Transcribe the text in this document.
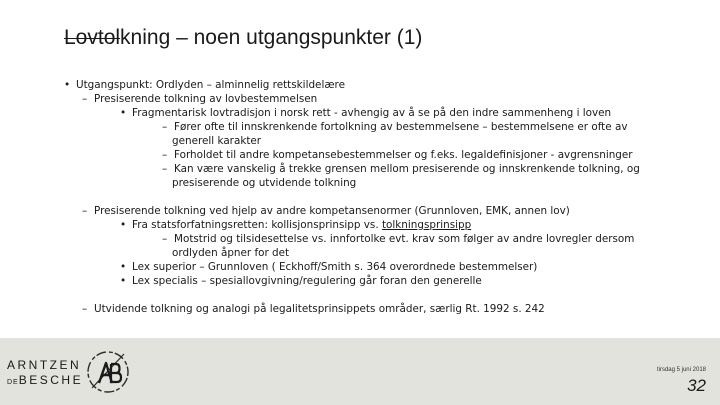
Lovtolkning – noen utgangspunkter (1)
• Utgangspunkt: Ordlyden – alminnelig rettskildelære
– Presiserende tolkning av lovbestemmelsen
• Fragmentarisk lovtradisjon i norsk rett - avhengig av å se på den indre sammenheng i loven
– Fører ofte til innskrenkende fortolkning av bestemmelsene – bestemmelsene er ofte av
generell karakter
– Forholdet til andre kompetansebestemmelser og f.eks. legaldefinisjoner - avgrensninger
– Kan være vanskelig å trekke grensen mellom presiserende og innskrenkende tolkning, og
presiserende og utvidende tolkning
– Presiserende tolkning ved hjelp av andre kompetansenormer (Grunnloven, EMK, annen lov)
• Fra statsforfatningsretten: kollisjonsprinsipp vs. tolkningsprinsipp
– Motstrid og tilsidesettelse vs. innfortolke evt. krav som følger av andre lovregler dersom
ordlyden åpner for det
• Lex superior – Grunnloven ( Eckhoff/Smith s. 364 overordnede bestemmelser)
• Lex specialis – spesiallovgivning/regulering går foran den generelle
– Utvidende tolkning og analogi på legalitetsprinsippets områder, særlig Rt. 1992 s. 242
ARNTZEN
DEBESCHE
tirsdag 5 juni 2018
32
